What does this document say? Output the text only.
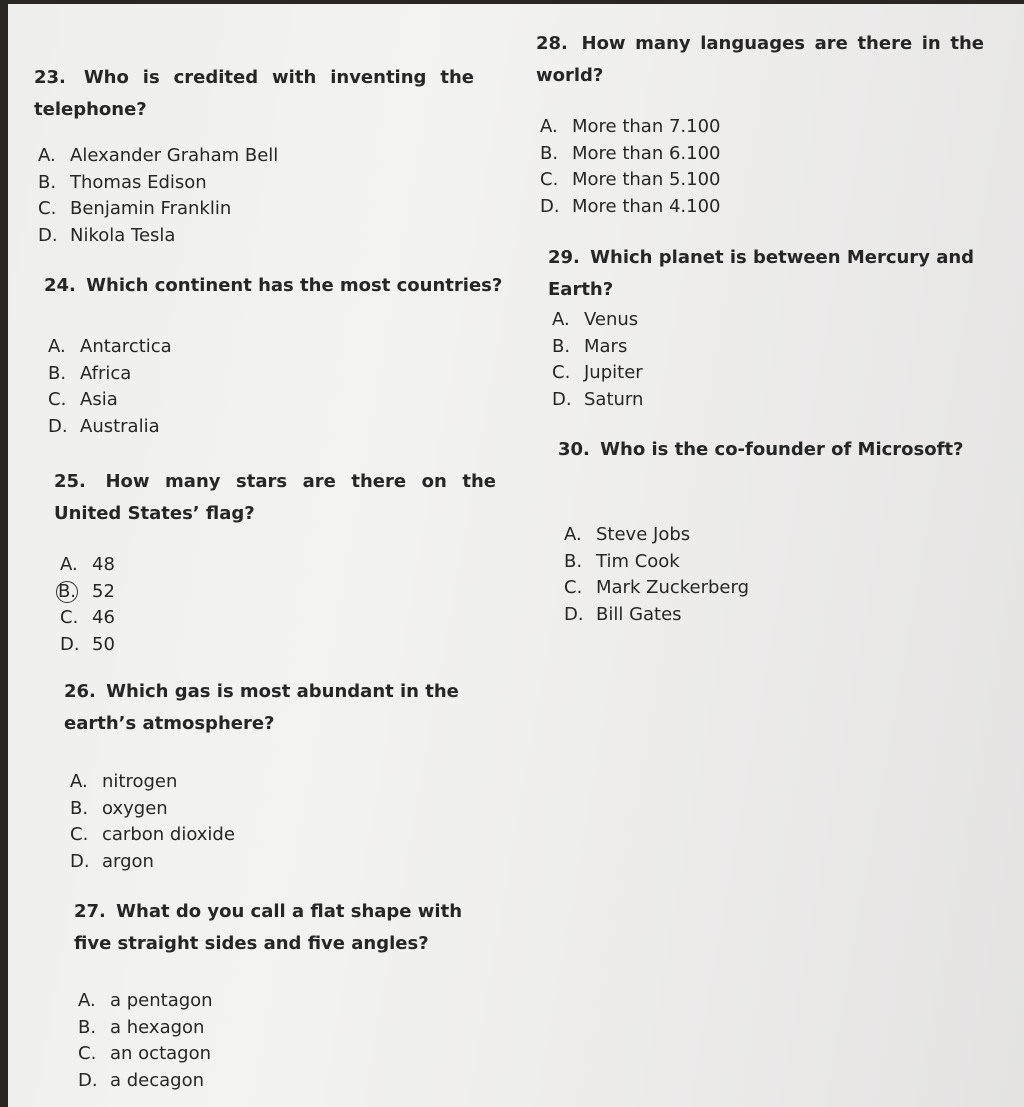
23. Who is credited with inventing the telephone?
A. Alexander Graham Bell
B. Thomas Edison
C. Benjamin Franklin
D. Nikola Tesla
24. Which continent has the most countries?
A. Antarctica
B. Africa
C. Asia
D. Australia
25. How many stars are there on the United States’ flag?
A. 48
B. 52
C. 46
D. 50
26. Which gas is most abundant in the earth’s atmosphere?
A. nitrogen
B. oxygen
C. carbon dioxide
D. argon
27. What do you call a flat shape with five straight sides and five angles?
A. a pentagon
B. a hexagon
C. an octagon
D. a decagon
28. How many languages are there in the world?
A. More than 7.100
B. More than 6.100
C. More than 5.100
D. More than 4.100
29. Which planet is between Mercury and Earth?
A. Venus
B. Mars
C. Jupiter
D. Saturn
30. Who is the co-founder of Microsoft?
A. Steve Jobs
B. Tim Cook
C. Mark Zuckerberg
D. Bill Gates
